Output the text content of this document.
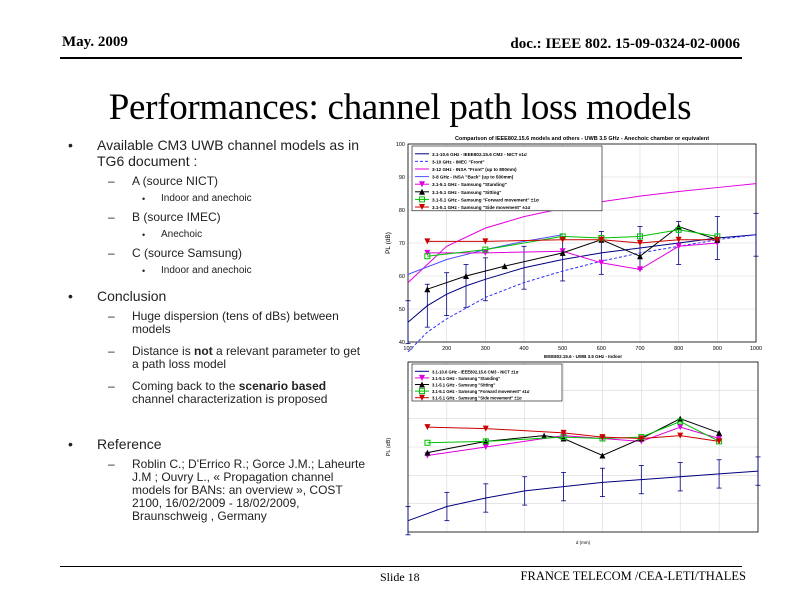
May. 2009	doc.: IEEE 802. 15-09-0324-02-0006
Performances: channel path loss models
• Available CM3 UWB channel models as in TG6 document :
– A (source NICT)
• Indoor and anechoic
– B (source IMEC)
• Anechoic
– C (source Samsung)
• Indoor and anechoic
• Conclusion
– Huge dispersion (tens of dBs) between models
– Distance is not a relevant parameter to get a path loss model
– Coming back to the scenario based channel characterization is proposed
• Reference
– Roblin C.; D'Errico R.; Gorce J.M.; Laheurte J.M ; Ouvry L., « Propagation channel models for BANs: an overview », COST 2100, 16/02/2009 - 18/02/2009, Braunschweig , Germany
Comparison of IEEE802.15.6 models and others - UWB 3.5 GHz - Anechoic chamber or equivalent
100	200	300	400	500	600	700	800	900	1000
40
50
60
70
80
90
100
PL (dB)
3.1-10.6 GHz - IEEE802.15.6 CM3 - NICT ±1σ
3-10 GHz - IMEC "Front"
3-12 GHz - INSA "Front" (up to 800mm)
3-8 GHz - INSA "Back" (up to 500mm)
3.1-5.1 GHz - Samsung "Standing"
3.1-5.1 GHz - Samsung "Sitting"
3.1-5.1 GHz - Samsung "Forward movement" ±1σ
3.1-5.1 GHz - Samsung "Side movement" ±1σ
IEEE802.15.6 - UWB 3.5 GHz - Indoor
d (mm)
PL (dB)
3.1-10.6 GHz - IEEE802.15.6 CM3 - NICT ±1σ
3.1-5.1 GHz - Samsung "Standing"
3.1-5.1 GHz - Samsung "Sitting"
3.1-5.1 GHz - Samsung "Forward movement" ±1σ
3.1-5.1 GHz - Samsung "Side movement" ±1σ
Slide 18	FRANCE TELECOM /CEA-LETI/THALES
